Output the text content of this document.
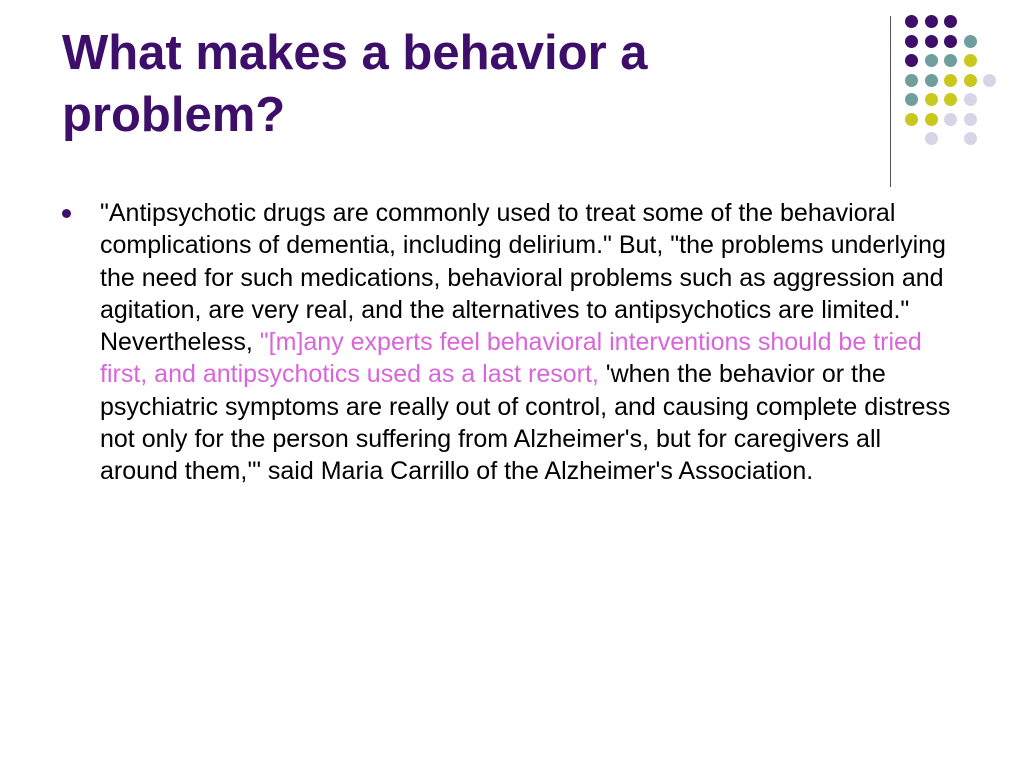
What makes a behavior a problem?
"Antipsychotic drugs are commonly used to treat some of the behavioral complications of dementia, including delirium." But, "the problems underlying the need for such medications, behavioral problems such as aggression and agitation, are very real, and the alternatives to antipsychotics are limited." Nevertheless, "[m]any experts feel behavioral interventions should be tried first, and antipsychotics used as a last resort, 'when the behavior or the psychiatric symptoms are really out of control, and causing complete distress not only for the person suffering from Alzheimer's, but for caregivers all around them,'" said Maria Carrillo of the Alzheimer's Association.
